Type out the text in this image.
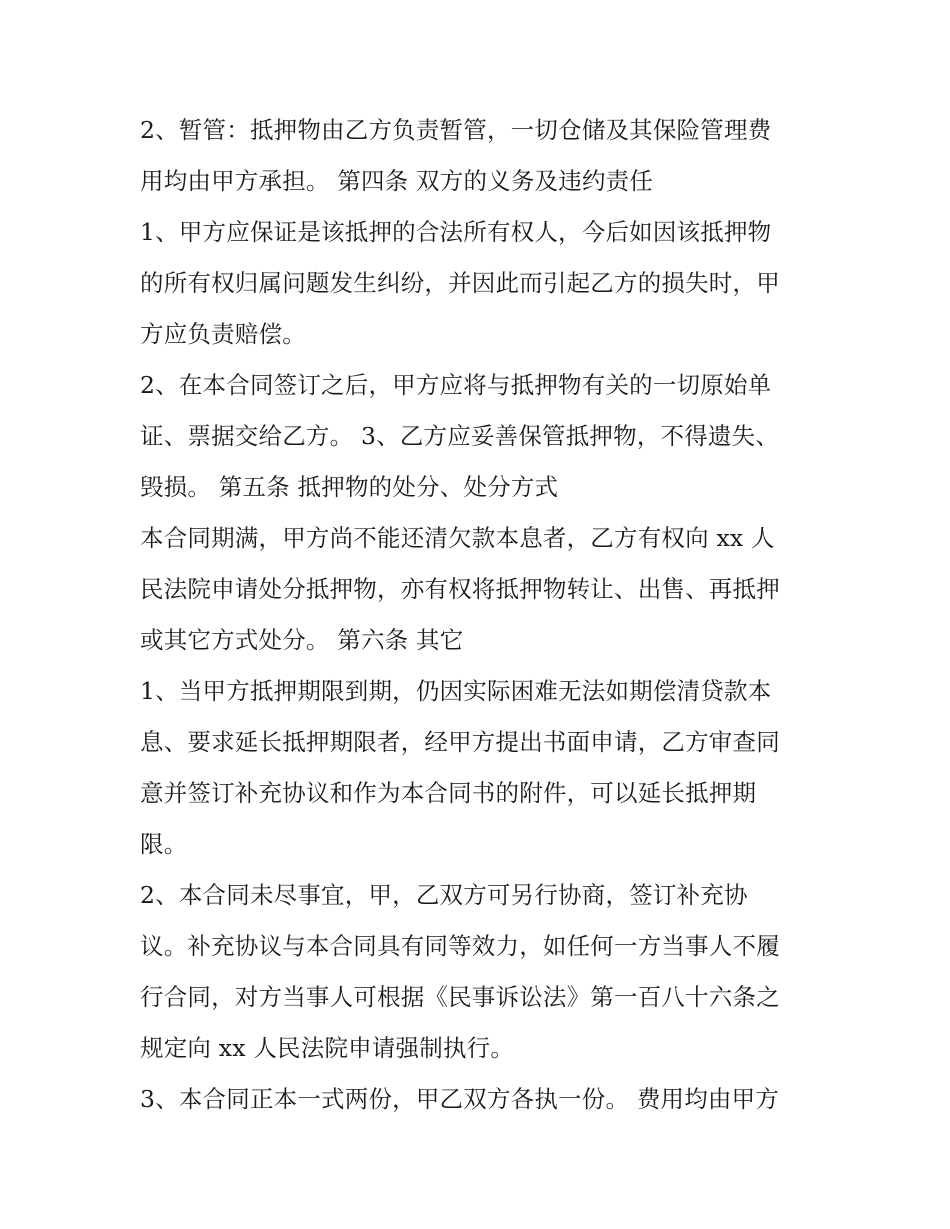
2、暂管：抵押物由乙方负责暂管，一切仓储及其保险管理费
用均由甲方承担。 第四条 双方的义务及违约责任
1、甲方应保证是该抵押的合法所有权人，今后如因该抵押物
的所有权归属问题发生纠纷，并因此而引起乙方的损失时，甲
方应负责赔偿。
2、在本合同签订之后，甲方应将与抵押物有关的一切原始单
证、票据交给乙方。 3、乙方应妥善保管抵押物，不得遗失、
毁损。 第五条 抵押物的处分、处分方式
本合同期满，甲方尚不能还清欠款本息者，乙方有权向 xx 人
民法院申请处分抵押物，亦有权将抵押物转让、出售、再抵押
或其它方式处分。 第六条 其它
1、当甲方抵押期限到期，仍因实际困难无法如期偿清贷款本
息、要求延长抵押期限者，经甲方提出书面申请，乙方审查同
意并签订补充协议和作为本合同书的附件，可以延长抵押期
限。
2、本合同未尽事宜，甲，乙双方可另行协商，签订补充协
议。补充协议与本合同具有同等效力，如任何一方当事人不履
行合同，对方当事人可根据《民事诉讼法》第一百八十六条之
规定向 xx 人民法院申请强制执行。
3、本合同正本一式两份，甲乙双方各执一份。 费用均由甲方
